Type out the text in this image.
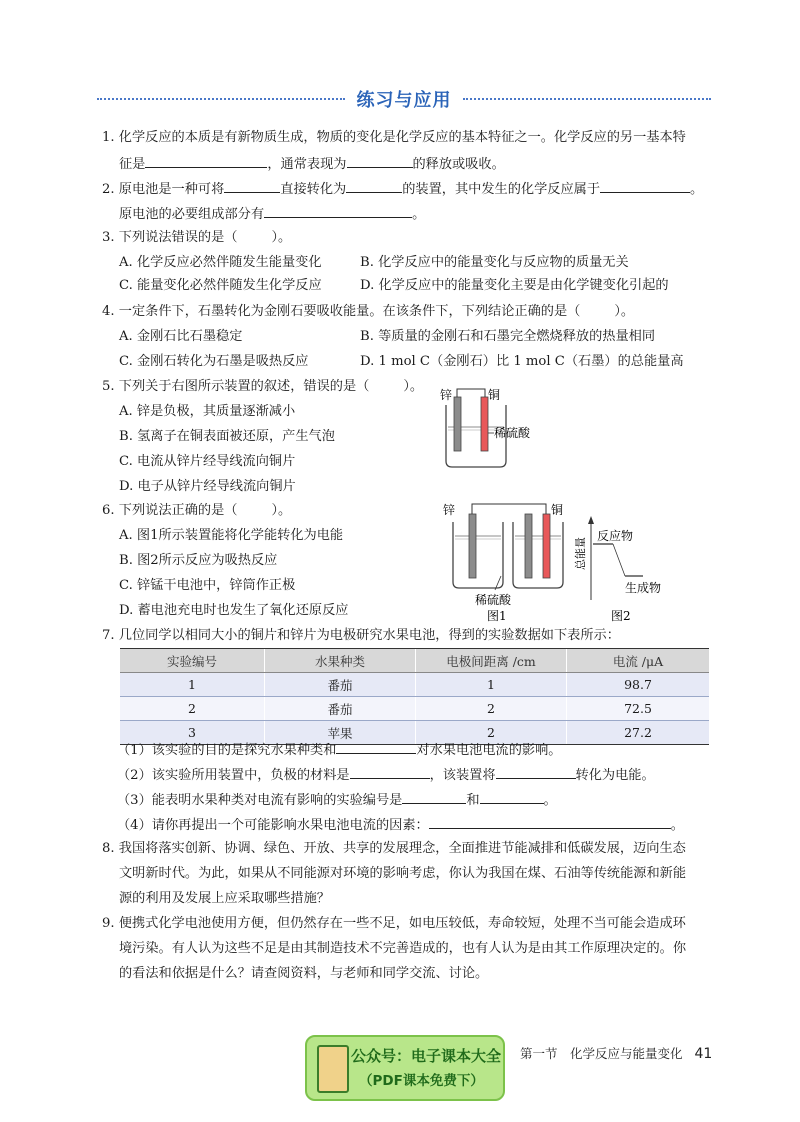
练习与应用
1. 化学反应的本质是有新物质生成，物质的变化是化学反应的基本特征之一。化学反应的另一基本特
征是	，通常表现为	的释放或吸收。
2. 原电池是一种可将	直接转化为	的装置，其中发生的化学反应属于	。
原电池的必要组成部分有	。
3. 下列说法错误的是（	）。
A. 化学反应必然伴随发生能量变化	B. 化学反应中的能量变化与反应物的质量无关
C. 能量变化必然伴随发生化学反应	D. 化学反应中的能量变化主要是由化学键变化引起的
4. 一定条件下，石墨转化为金刚石要吸收能量。在该条件下，下列结论正确的是（	）。
A. 金刚石比石墨稳定	B. 等质量的金刚石和石墨完全燃烧释放的热量相同
C. 金刚石转化为石墨是吸热反应	D. 1 mol C（金刚石）比 1 mol C（石墨）的总能量高
5. 下列关于右图所示装置的叙述，错误的是（	）。
A. 锌是负极，其质量逐渐减小
B. 氢离子在铜表面被还原，产生气泡
C. 电流从锌片经导线流向铜片
D. 电子从锌片经导线流向铜片
锌	铜
稀硫酸
6. 下列说法正确的是（	）。
A. 图1所示装置能将化学能转化为电能
B. 图2所示反应为吸热反应
C. 锌锰干电池中，锌筒作正极
D. 蓄电池充电时也发生了氧化还原反应
锌	铜
稀硫酸
图1
总能量
反应物
生成物
图2
7. 几位同学以相同大小的铜片和锌片为电极研究水果电池，得到的实验数据如下表所示：
实验编号	水果种类	电极间距离 /cm	电流 /μA
1	番茄	1	98.7
2	番茄	2	72.5
3	苹果	2	27.2
（1）该实验的目的是探究水果种类和	对水果电池电流的影响。
（2）该实验所用装置中，负极的材料是	，该装置将	转化为电能。
（3）能表明水果种类对电流有影响的实验编号是	和	。
（4）请你再提出一个可能影响水果电池电流的因素：	。
8. 我国将落实创新、协调、绿色、开放、共享的发展理念，全面推进节能减排和低碳发展，迈向生态
文明新时代。为此，如果从不同能源对环境的影响考虑，你认为我国在煤、石油等传统能源和新能
源的利用及发展上应采取哪些措施？
9. 便携式化学电池使用方便，但仍然存在一些不足，如电压较低，寿命较短，处理不当可能会造成环
境污染。有人认为这些不足是由其制造技术不完善造成的，也有人认为是由其工作原理决定的。你
的看法和依据是什么？请查阅资料，与老师和同学交流、讨论。
公众号：电子课本大全
（PDF课本免费下）
第一节　化学反应与能量变化 41
